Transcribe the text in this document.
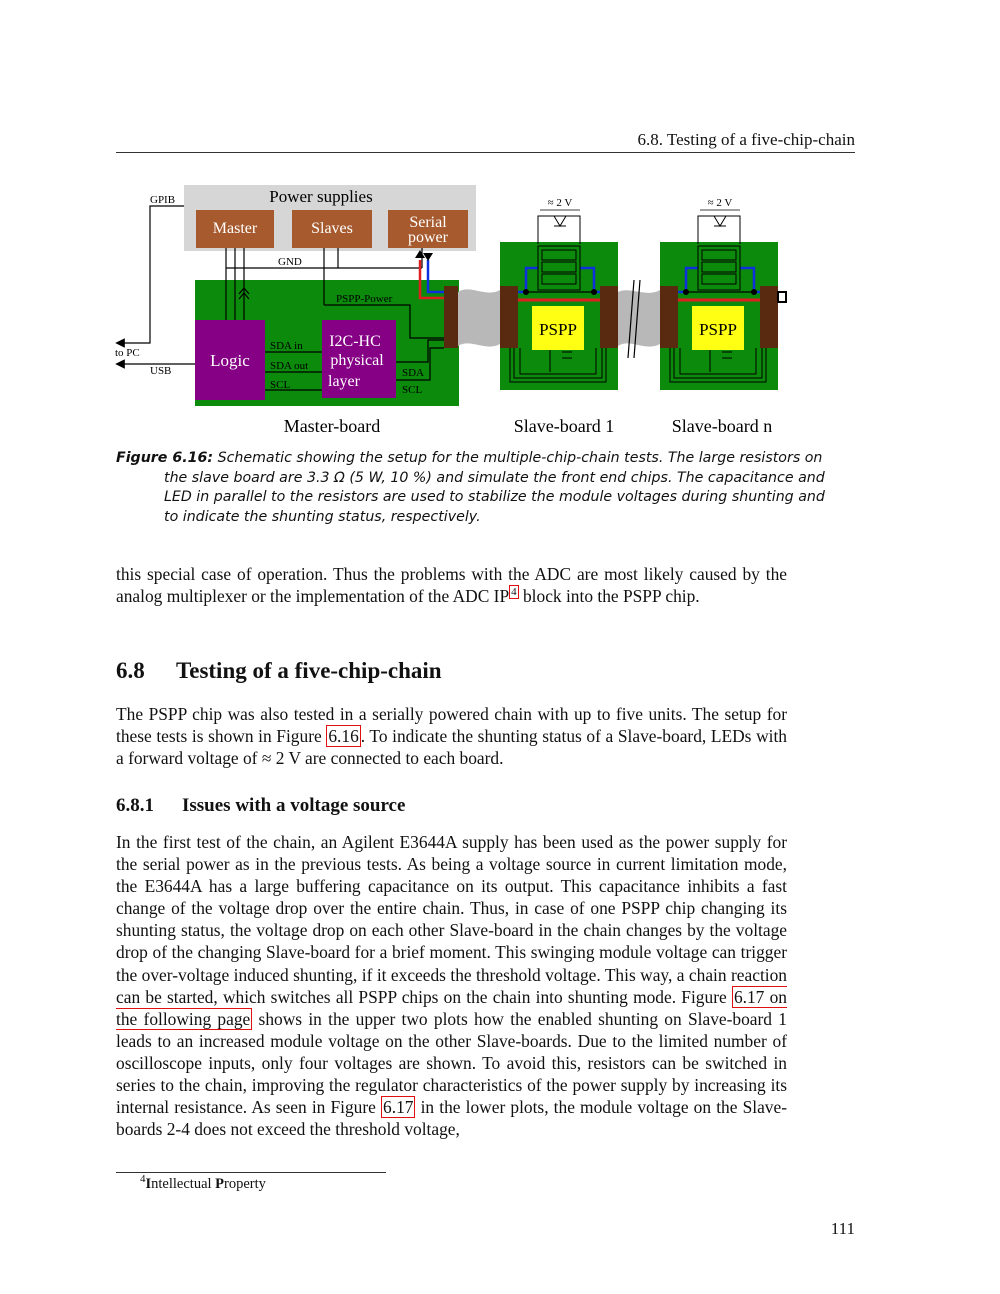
6.8. Testing of a five-chip-chain
Power supplies
Master	Slaves	Serial
power
GPIB
to PC
USB
Logic
I2C-HC
physical
layer
SDA in
SDA out
SCL
SDA
SCL
GND
PSPP-Power
≈ 2 V
PSPP
≈ 2 V
PSPP
Master-board	Slave-board 1	Slave-board n
Figure 6.16: Schematic showing the setup for the multiple-chip-chain tests. The large resistors on the slave board are 3.3 Ω (5 W, 10 %) and simulate the front end chips. The capacitance and LED in parallel to the resistors are used to stabilize the module voltages during shunting and to indicate the shunting status, respectively.
this special case of operation. Thus the problems with the ADC are most likely caused by the analog multiplexer or the implementation of the ADC IP $^4$ block into the PSPP chip.
6.8 Testing of a five-chip-chain
The PSPP chip was also tested in a serially powered chain with up to five units. The setup for these tests is shown in Figure 6.16 . To indicate the shunting status of a Slave-board, LEDs with a forward voltage of ≈ 2 V are connected to each board.
6.8.1 Issues with a voltage source
In the first test of the chain, an Agilent E3644A supply has been used as the power supply for the serial power as in the previous tests. As being a voltage source in current limitation mode, the E3644A has a large buffering capacitance on its output. This capacitance inhibits a fast change of the voltage drop over the entire chain. Thus, in case of one PSPP chip changing its shunting status, the voltage drop on each other Slave-board in the chain changes by the voltage drop of the changing Slave-board for a brief moment. This swinging module voltage can trigger the over-voltage induced shunting, if it exceeds the threshold voltage. This way, a chain reaction can be started, which switches all PSPP chips on the chain into shunting mode. Figure 6.17 on the following page shows in the upper two plots how the enabled shunting on Slave-board 1 leads to an increased module voltage on the other Slave-boards. Due to the limited number of oscilloscope inputs, only four voltages are shown. To avoid this, resistors can be switched in series to the chain, improving the regulator characteristics of the power supply by increasing its internal resistance. As seen in Figure 6.17 in the lower plots, the module voltage on the Slave-boards 2-4 does not exceed the threshold voltage,
$^4$Intellectual Property
111
